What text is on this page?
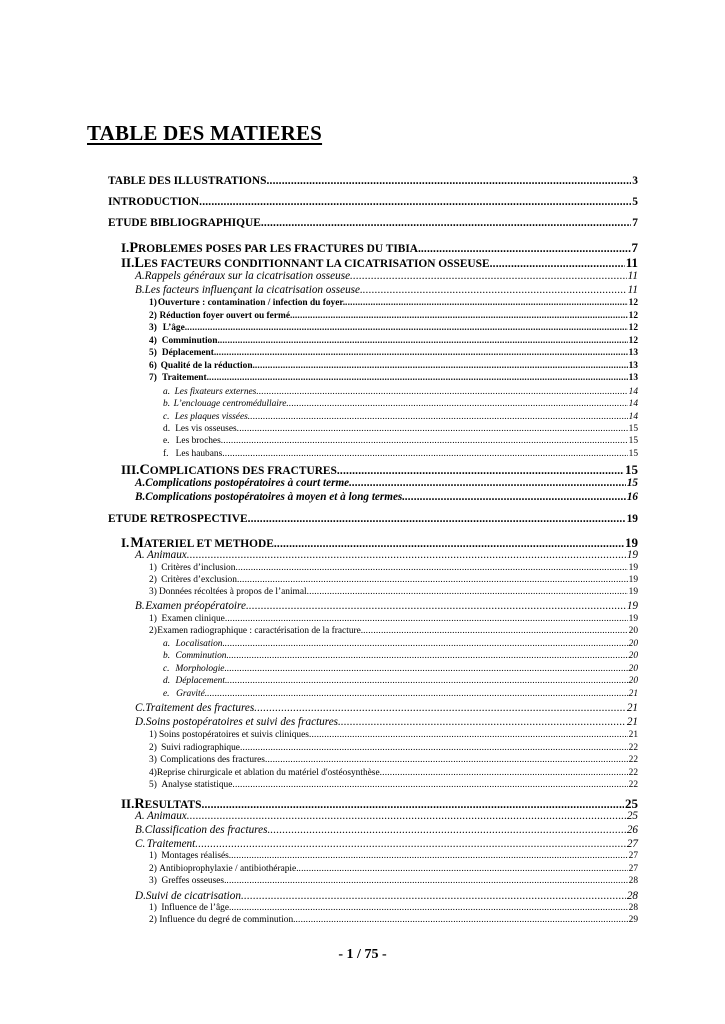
TABLE DES MATIERES
TABLE DES ILLUSTRATIONS .....	3
INTRODUCTION .....	5
ETUDE BIBLIOGRAPHIQUE .....	7
I. PROBLEMES POSES PAR LES FRACTURES DU TIBIA. .....	7
II. LES FACTEURS CONDITIONNANT LA CICATRISATION OSSEUSE .....	11
A. Rappels généraux sur la cicatrisation osseuse .....	11
B. Les facteurs influençant la cicatrisation osseuse. .....	11
1) Ouverture : contamination / infection du foyer. .....	12
2) Réduction foyer ouvert ou fermé. .....	12
3) L’âge. .....	12
4) Comminution. .....	12
5) Déplacement. .....	13
6) Qualité de la réduction. .....	13
7) Traitement. .....	13
a. Les fixateurs externes .....	14
b. L’enclouage centromédullaire .....	14
c. Les plaques vissées .....	14
d. Les vis osseuses .....	15
e. Les broches .....	15
f. Les haubans .....	15
III. COMPLICATIONS DES FRACTURES .....	15
A. Complications postopératoires à court terme .....	15
B. Complications postopératoires à moyen et à long termes. .....	16
ETUDE RETROSPECTIVE .....	19
I. MATERIEL ET METHODE .....	19
A. Animaux .....	19
1) Critères d’inclusion .....	19
2) Critères d’exclusion .....	19
3) Données récoltées à propos de l’animal .....	19
B. Examen préopératoire .....	19
1) Examen clinique .....	19
2) Examen radiographique : caractérisation de la fracture. .....	20
a. Localisation. .....	20
b. Comminution. .....	20
c. Morphologie. .....	20
d. Déplacement. .....	20
e. Gravité. .....	21
C. Traitement des fractures .....	21
D. Soins postopératoires et suivi des fractures. .....	21
1) Soins postopératoires et suivis cliniques .....	21
2) Suivi radiographique .....	22
3) Complications des fractures .....	22
4) Reprise chirurgicale et ablation du matériel d'ostéosynthèse .....	22
5) Analyse statistique .....	22
II. RESULTATS .....	25
A. Animaux .....	25
B. Classification des fractures .....	26
C. Traitement .....	27
1) Montages réalisés. .....	27
2) Antibioprophylaxie / antibiothérapie. .....	27
3) Greffes osseuses. .....	28
D. Suivi de cicatrisation .....	28
1) Influence de l’âge. .....	28
2) Influence du degré de comminution. .....	29
- 1 / 75 -
